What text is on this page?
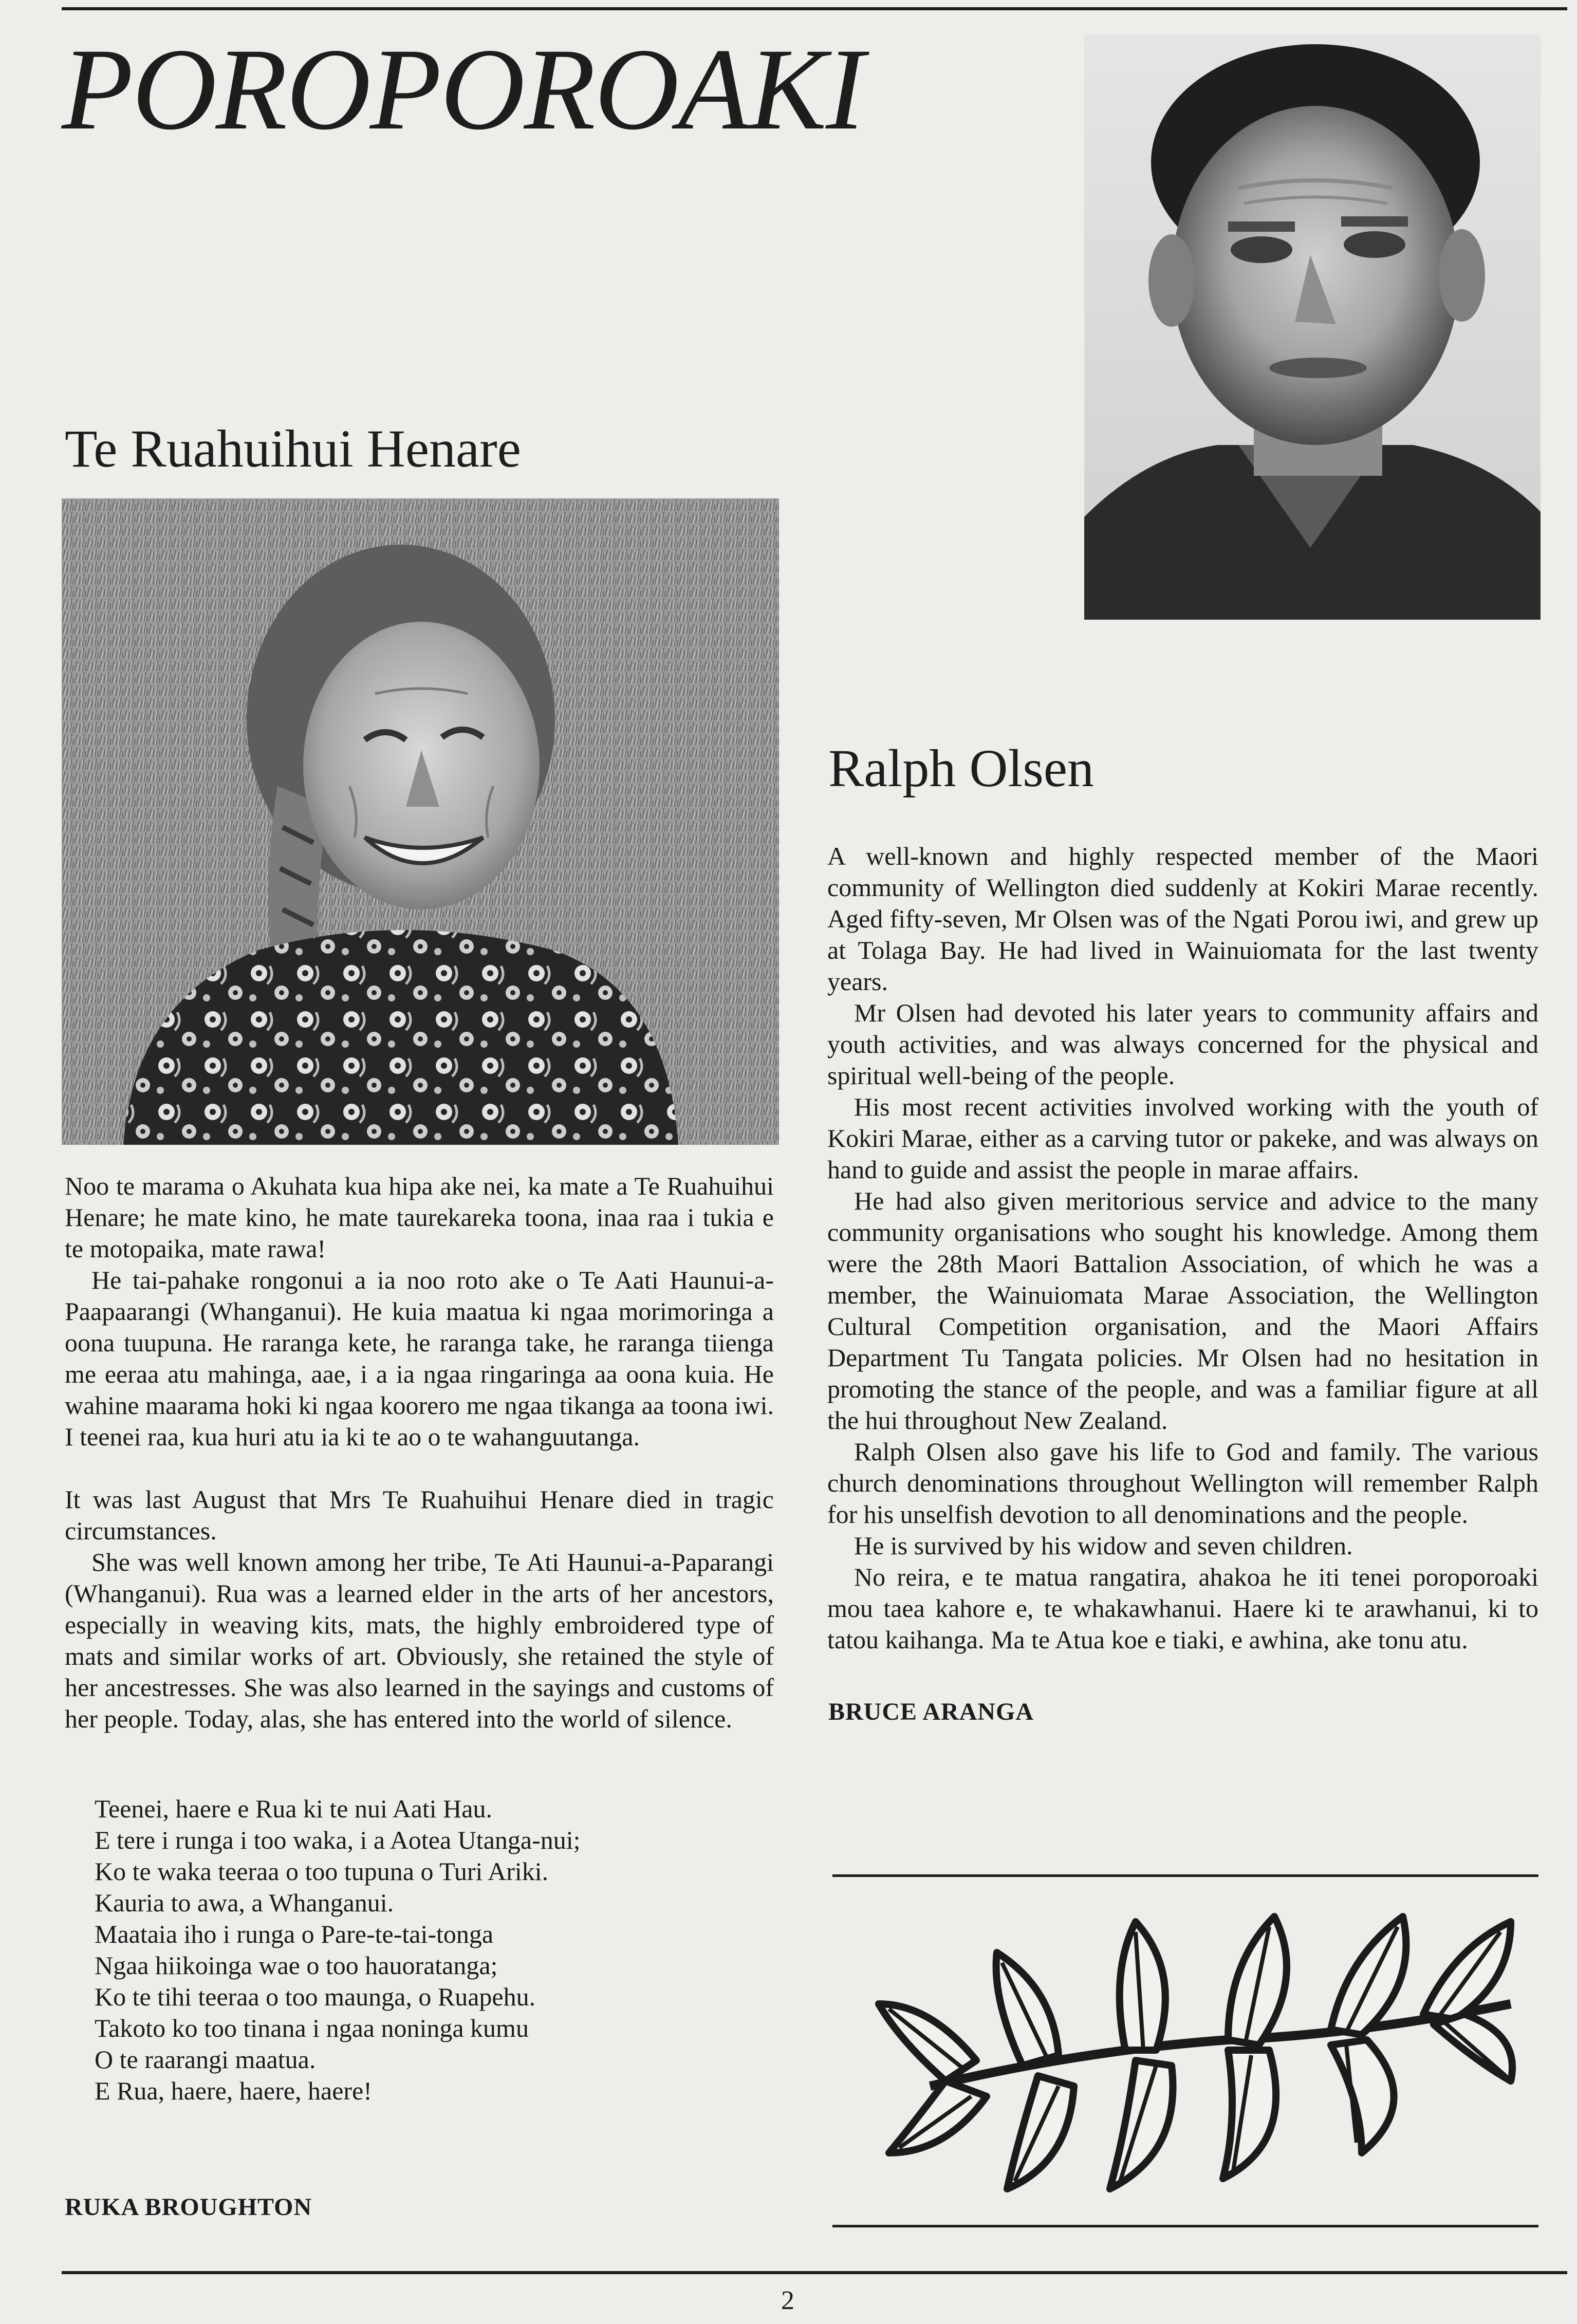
POROPOROAKI
Te Ruahuihui Henare

Noo te marama o Akuhata kua hipa ake nei, ka mate a Te Ruahuihui Henare; he mate kino, he mate taurekareka toona, inaa raa i tukia e te motopaika, mate rawa!

He tai-pahake rongonui a ia noo roto ake o Te Aati Haunui-a-Paapaarangi (Whanganui). He kuia maatua ki ngaa morimoringa a oona tuupuna. He raranga kete, he raranga take, he raranga tiienga me eeraa atu mahinga, aae, i a ia ngaa ringaringa aa oona kuia. He wahine maarama hoki ki ngaa koorero me ngaa tikanga aa toona iwi. I teenei raa, kua huri atu ia ki te ao o te wahanguutanga.

It was last August that Mrs Te Ruahuihui Henare died in tragic circumstances.

She was well known among her tribe, Te Ati Haunui-a-Paparangi (Whanganui). Rua was a learned elder in the arts of her ancestors, especially in weaving kits, mats, the highly embroidered type of mats and similar works of art. Obviously, she retained the style of her ancestresses. She was also learned in the sayings and customs of her people. Today, alas, she has entered into the world of silence.

Teenei, haere e Rua ki te nui Aati Hau.
E tere i runga i too waka, i a Aotea Utanga-nui;
Ko te waka teeraa o too tupuna o Turi Ariki.
Kauria to awa, a Whanganui.
Maataia iho i runga o Pare-te-tai-tonga
Ngaa hiikoinga wae o too hauoratanga;
Ko te tihi teeraa o too maunga, o Ruapehu.
Takoto ko too tinana i ngaa noninga kumu
O te raarangi maatua.
E Rua, haere, haere, haere!
RUKA BROUGHTON
Ralph Olsen

A well-known and highly respected member of the Maori community of Wellington died suddenly at Kokiri Marae recently. Aged fifty-seven, Mr Olsen was of the Ngati Porou iwi, and grew up at Tolaga Bay. He had lived in Wainuiomata for the last twenty years.

Mr Olsen had devoted his later years to community affairs and youth activities, and was always concerned for the physical and spiritual well-being of the people.

His most recent activities involved working with the youth of Kokiri Marae, either as a carving tutor or pakeke, and was always on hand to guide and assist the people in marae affairs.

He had also given meritorious service and advice to the many community organisations who sought his knowledge. Among them were the 28th Maori Battalion Association, of which he was a member, the Wainuiomata Marae Association, the Wellington Cultural Competition organisation, and the Maori Affairs Department Tu Tangata policies. Mr Olsen had no hesitation in promoting the stance of the people, and was a familiar figure at all the hui throughout New Zealand.

Ralph Olsen also gave his life to God and family. The various church denominations throughout Wellington will remember Ralph for his unselfish devotion to all denominations and the people.

He is survived by his widow and seven children.

No reira, e te matua rangatira, ahakoa he iti tenei poroporoaki mou taea kahore e, te whakawhanui. Haere ki te arawhanui, ki to tatou kaihanga. Ma te Atua koe e tiaki, e awhina, ake tonu atu.

BRUCE ARANGA
2
